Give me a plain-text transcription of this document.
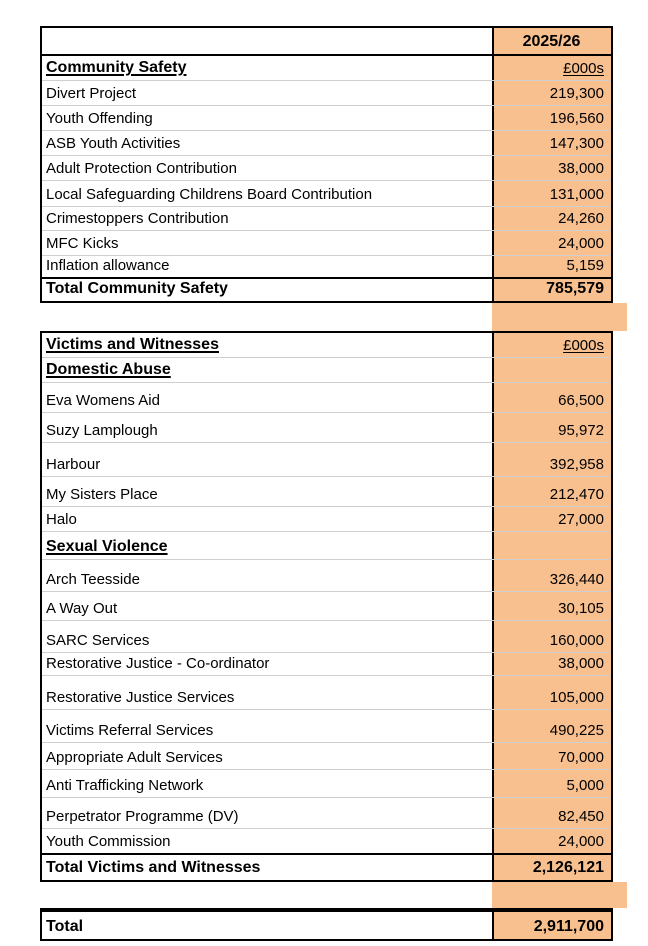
2025/26
Community Safety	£000s
Divert Project	219,300
Youth Offending	196,560
ASB Youth Activities	147,300
Adult Protection Contribution	38,000
Local Safeguarding Childrens Board Contribution	131,000
Crimestoppers Contribution	24,260
MFC Kicks	24,000
Inflation allowance	5,159
Total Community Safety	785,579
Victims and Witnesses	£000s
Domestic Abuse
Eva Womens Aid	66,500
Suzy Lamplough	95,972
Harbour	392,958
My Sisters Place	212,470
Halo	27,000
Sexual Violence
Arch Teesside	326,440
A Way Out	30,105
SARC Services	160,000
Restorative Justice - Co-ordinator	38,000
Restorative Justice Services	105,000
Victims Referral Services	490,225
Appropriate Adult Services	70,000
Anti Trafficking Network	5,000
Perpetrator Programme (DV)	82,450
Youth Commission	24,000
Total Victims and Witnesses	2,126,121
Total	2,911,700
